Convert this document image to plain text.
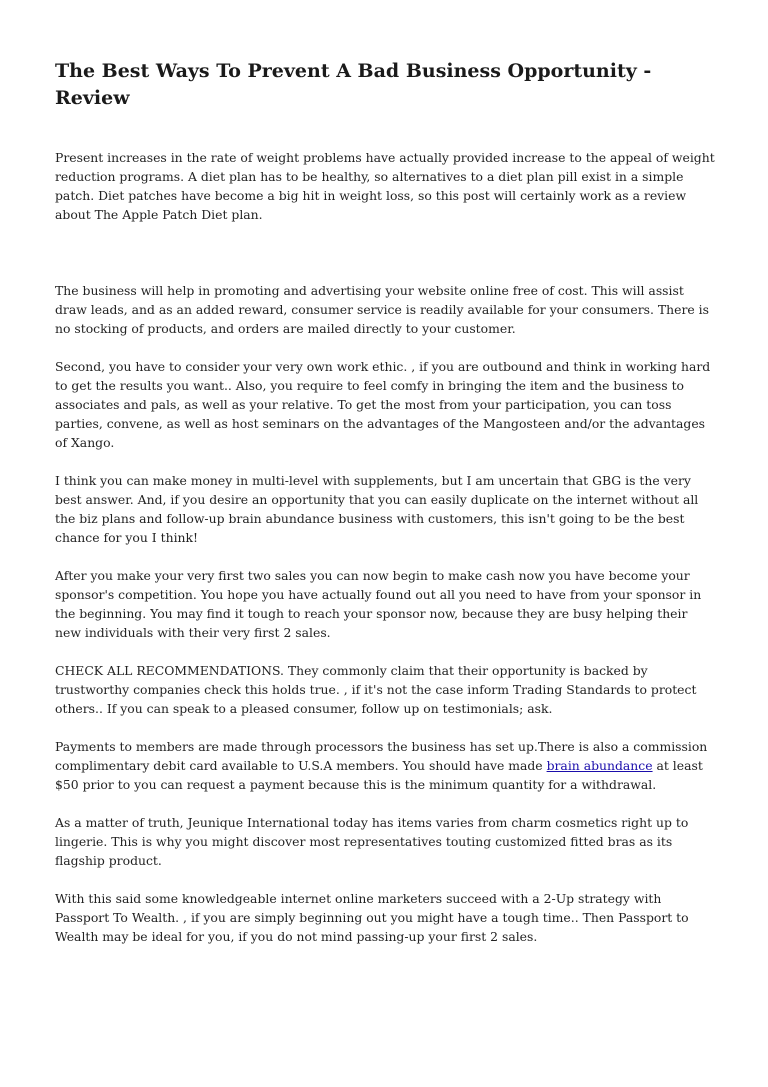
The Best Ways To Prevent A Bad Business Opportunity - Review

Present increases in the rate of weight problems have actually provided increase to the appeal of weight reduction programs. A diet plan has to be healthy, so alternatives to a diet plan pill exist in a simple patch. Diet patches have become a big hit in weight loss, so this post will certainly work as a review about The Apple Patch Diet plan.

The business will help in promoting and advertising your website online free of cost. This will assist draw leads, and as an added reward, consumer service is readily available for your consumers. There is no stocking of products, and orders are mailed directly to your customer.

Second, you have to consider your very own work ethic. , if you are outbound and think in working hard to get the results you want.. Also, you require to feel comfy in bringing the item and the business to associates and pals, as well as your relative. To get the most from your participation, you can toss parties, convene, as well as host seminars on the advantages of the Mangosteen and/or the advantages of Xango.

I think you can make money in multi-level with supplements, but I am uncertain that GBG is the very best answer. And, if you desire an opportunity that you can easily duplicate on the internet without all the biz plans and follow-up brain abundance business with customers, this isn't going to be the best chance for you I think!

After you make your very first two sales you can now begin to make cash now you have become your sponsor's competition. You hope you have actually found out all you need to have from your sponsor in the beginning. You may find it tough to reach your sponsor now, because they are busy helping their new individuals with their very first 2 sales.

CHECK ALL RECOMMENDATIONS. They commonly claim that their opportunity is backed by trustworthy companies check this holds true. , if it's not the case inform Trading Standards to protect others.. If you can speak to a pleased consumer, follow up on testimonials; ask.

Payments to members are made through processors the business has set up.There is also a commission complimentary debit card available to U.S.A members. You should have made brain abundance at least $50 prior to you can request a payment because this is the minimum quantity for a withdrawal.

As a matter of truth, Jeunique International today has items varies from charm cosmetics right up to lingerie. This is why you might discover most representatives touting customized fitted bras as its flagship product.

With this said some knowledgeable internet online marketers succeed with a 2-Up strategy with Passport To Wealth. , if you are simply beginning out you might have a tough time.. Then Passport to Wealth may be ideal for you, if you do not mind passing-up your first 2 sales.
